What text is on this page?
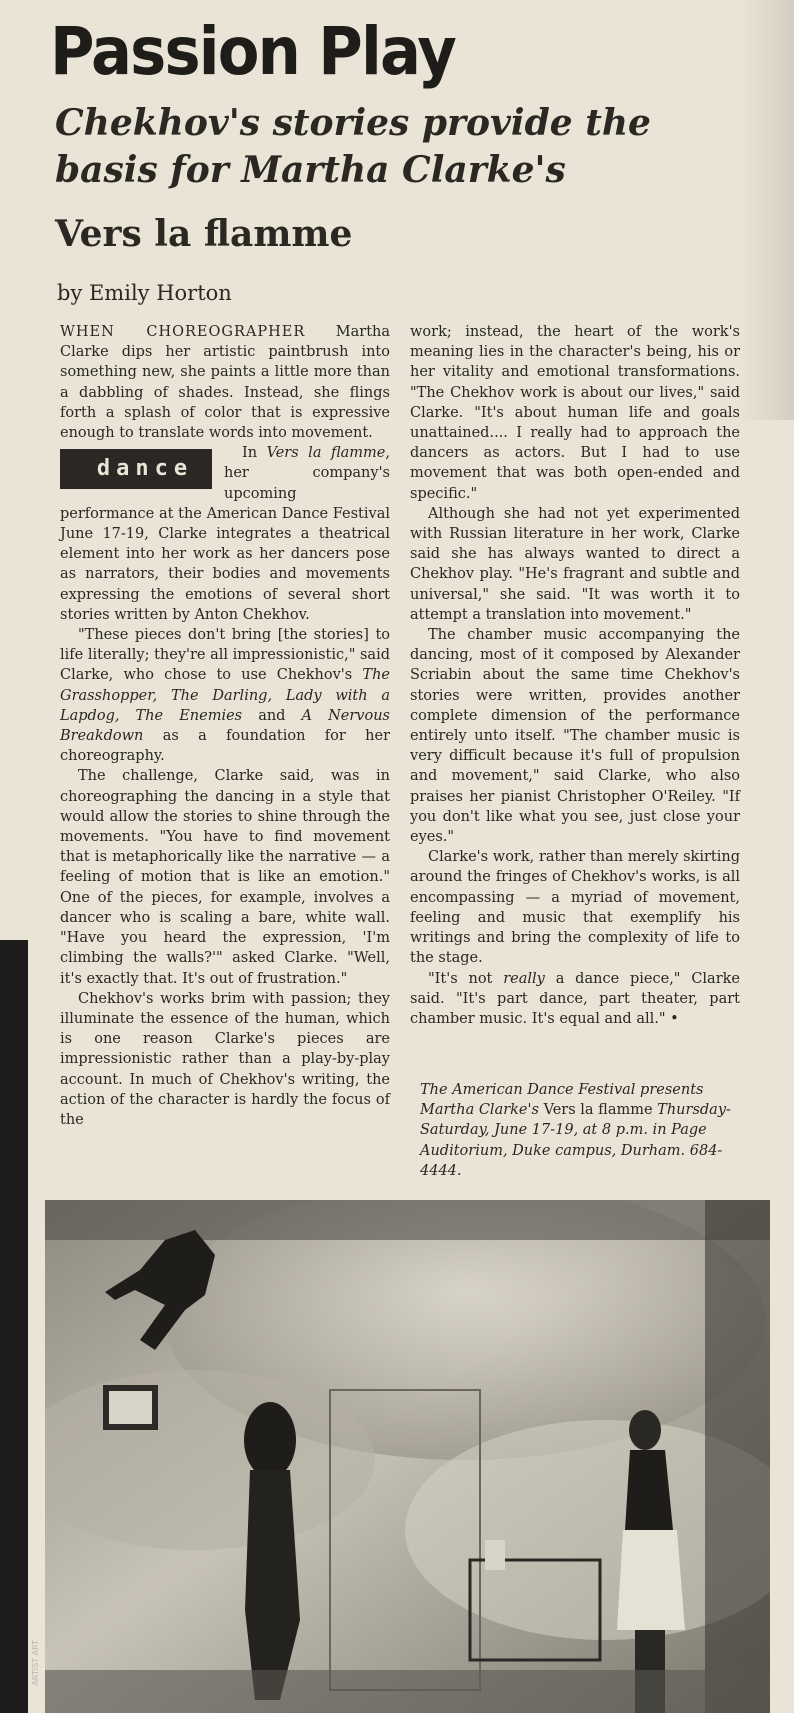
Passion Play
Chekhov's stories provide the basis for Martha Clarke's
Vers la flamme

by Emily Horton

WHEN CHOREOGRAPHER Martha Clarke dips her artistic paintbrush into something new, she paints a little more than a dabbling of shades. Instead, she flings forth a splash of color that is expressive enough to translate words into movement.

In Vers la flamme
dance
, her company's upcoming performance at the American Dance Festival June 17-19, Clarke integrates a theatrical element into her work as her dancers pose as narrators, their bodies and movements expressing the emotions of several short stories written by Anton Chekhov.

"These pieces don't bring [the stories] to life literally; they're all impressionistic," said Clarke, who chose to use Chekhov's The Grasshopper, The Darling, Lady with a Lapdog, The Enemies and A Nervous Breakdown as a foundation for her choreography.

The challenge, Clarke said, was in choreographing the dancing in a style that would allow the stories to shine through the movements. "You have to find movement that is metaphorically like the narrative — a feeling of motion that is like an emotion." One of the pieces, for example, involves a dancer who is scaling a bare, white wall. "Have you heard the expression, 'I'm climbing the walls?'" asked Clarke. "Well, it's exactly that. It's out of frustration."

Chekhov's works brim with passion; they illuminate the essence of the human, which is one reason Clarke's pieces are impressionistic rather than a play-by-play account. In much of Chekhov's writing, the action of the character is hardly the focus of the

work; instead, the heart of the work's meaning lies in the character's being, his or her vitality and emotional transformations. "The Chekhov work is about our lives," said Clarke. "It's about human life and goals unattained.... I really had to approach the dancers as actors. But I had to use movement that was both open-ended and specific."

Although she had not yet experimented with Russian literature in her work, Clarke said she has always wanted to direct a Chekhov play. "He's fragrant and subtle and universal," she said. "It was worth it to attempt a translation into movement."

The chamber music accompanying the dancing, most of it composed by Alexander Scriabin about the same time Chekhov's stories were written, provides another complete dimension of the performance entirely unto itself. "The chamber music is very difficult because it's full of propulsion and movement," said Clarke, who also praises her pianist Christopher O'Reiley. "If you don't like what you see, just close your eyes."

Clarke's work, rather than merely skirting around the fringes of Chekhov's works, is all encompassing — a myriad of movement, feeling and music that exemplify his writings and bring the complexity of life to the stage.

"It's not really a dance piece," Clarke said. "It's part dance, part theater, part chamber music. It's equal and all." •

The American Dance Festival presents Martha Clarke's Vers la flamme Thursday-Saturday, June 17-19, at 8 p.m. in Page Auditorium, Duke campus, Durham. 684-4444.

ARTIST ART
